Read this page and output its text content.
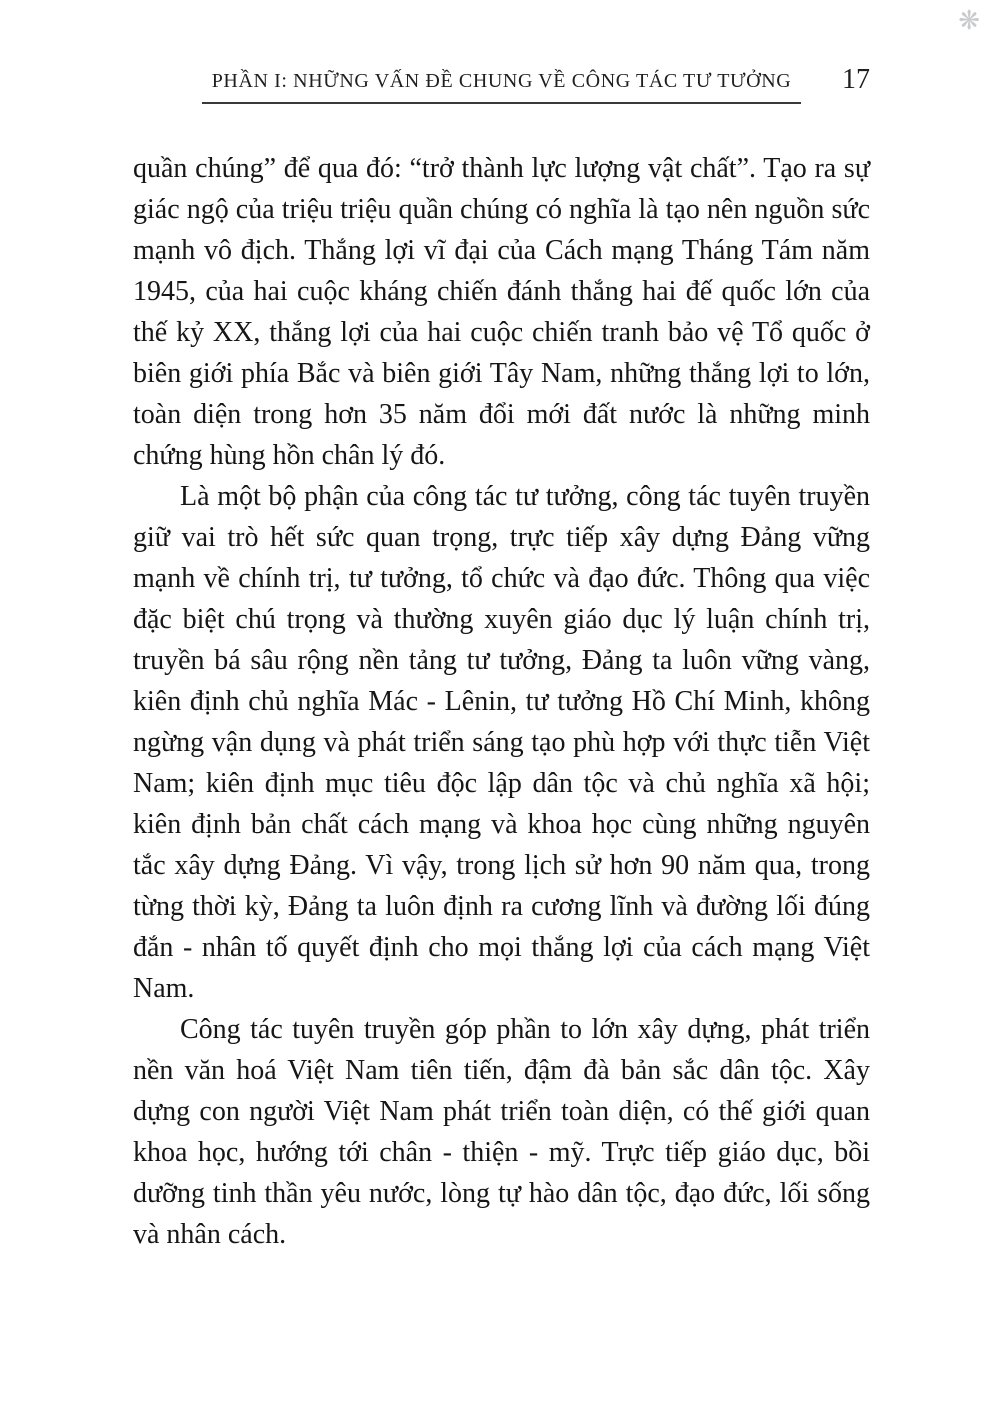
❋
PHẦN I: NHỮNG VẤN ĐỀ CHUNG VỀ CÔNG TÁC TƯ TƯỞNG 17

quần chúng” để qua đó: “trở thành lực lượng vật chất”. Tạo ra sự giác ngộ của triệu triệu quần chúng có nghĩa là tạo nên nguồn sức mạnh vô địch. Thắng lợi vĩ đại của Cách mạng Tháng Tám năm 1945, của hai cuộc kháng chiến đánh thắng hai đế quốc lớn của thế kỷ XX, thắng lợi của hai cuộc chiến tranh bảo vệ Tổ quốc ở biên giới phía Bắc và biên giới Tây Nam, những thắng lợi to lớn, toàn diện trong hơn 35 năm đổi mới đất nước là những minh chứng hùng hồn chân lý đó.

Là một bộ phận của công tác tư tưởng, công tác tuyên truyền giữ vai trò hết sức quan trọng, trực tiếp xây dựng Đảng vững mạnh về chính trị, tư tưởng, tổ chức và đạo đức. Thông qua việc đặc biệt chú trọng và thường xuyên giáo dục lý luận chính trị, truyền bá sâu rộng nền tảng tư tưởng, Đảng ta luôn vững vàng, kiên định chủ nghĩa Mác - Lênin, tư tưởng Hồ Chí Minh, không ngừng vận dụng và phát triển sáng tạo phù hợp với thực tiễn Việt Nam; kiên định mục tiêu độc lập dân tộc và chủ nghĩa xã hội; kiên định bản chất cách mạng và khoa học cùng những nguyên tắc xây dựng Đảng. Vì vậy, trong lịch sử hơn 90 năm qua, trong từng thời kỳ, Đảng ta luôn định ra cương lĩnh và đường lối đúng đắn - nhân tố quyết định cho mọi thắng lợi của cách mạng Việt Nam.

Công tác tuyên truyền góp phần to lớn xây dựng, phát triển nền văn hoá Việt Nam tiên tiến, đậm đà bản sắc dân tộc. Xây dựng con người Việt Nam phát triển toàn diện, có thế giới quan khoa học, hướng tới chân - thiện - mỹ. Trực tiếp giáo dục, bồi dưỡng tinh thần yêu nước, lòng tự hào dân tộc, đạo đức, lối sống và nhân cách.
